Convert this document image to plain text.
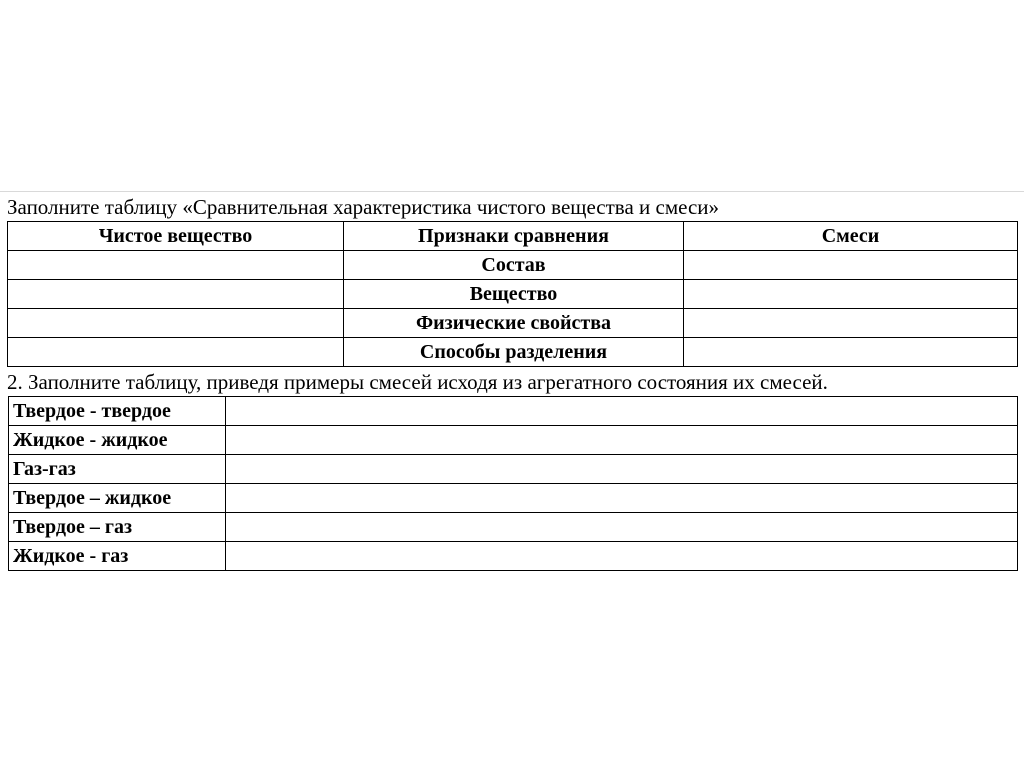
Заполните таблицу «Сравнительная характеристика чистого вещества и смеси»
Чистое вещество	Признаки сравнения	Смеси
	Состав	
	Вещество	
	Физические свойства	
	Способы разделения	
2. Заполните таблицу, приведя примеры смесей исходя из агрегатного состояния их смесей.
Твердое - твердое	
Жидкое - жидкое	
Газ-газ	
Твердое – жидкое	
Твердое – газ	
Жидкое - газ	
